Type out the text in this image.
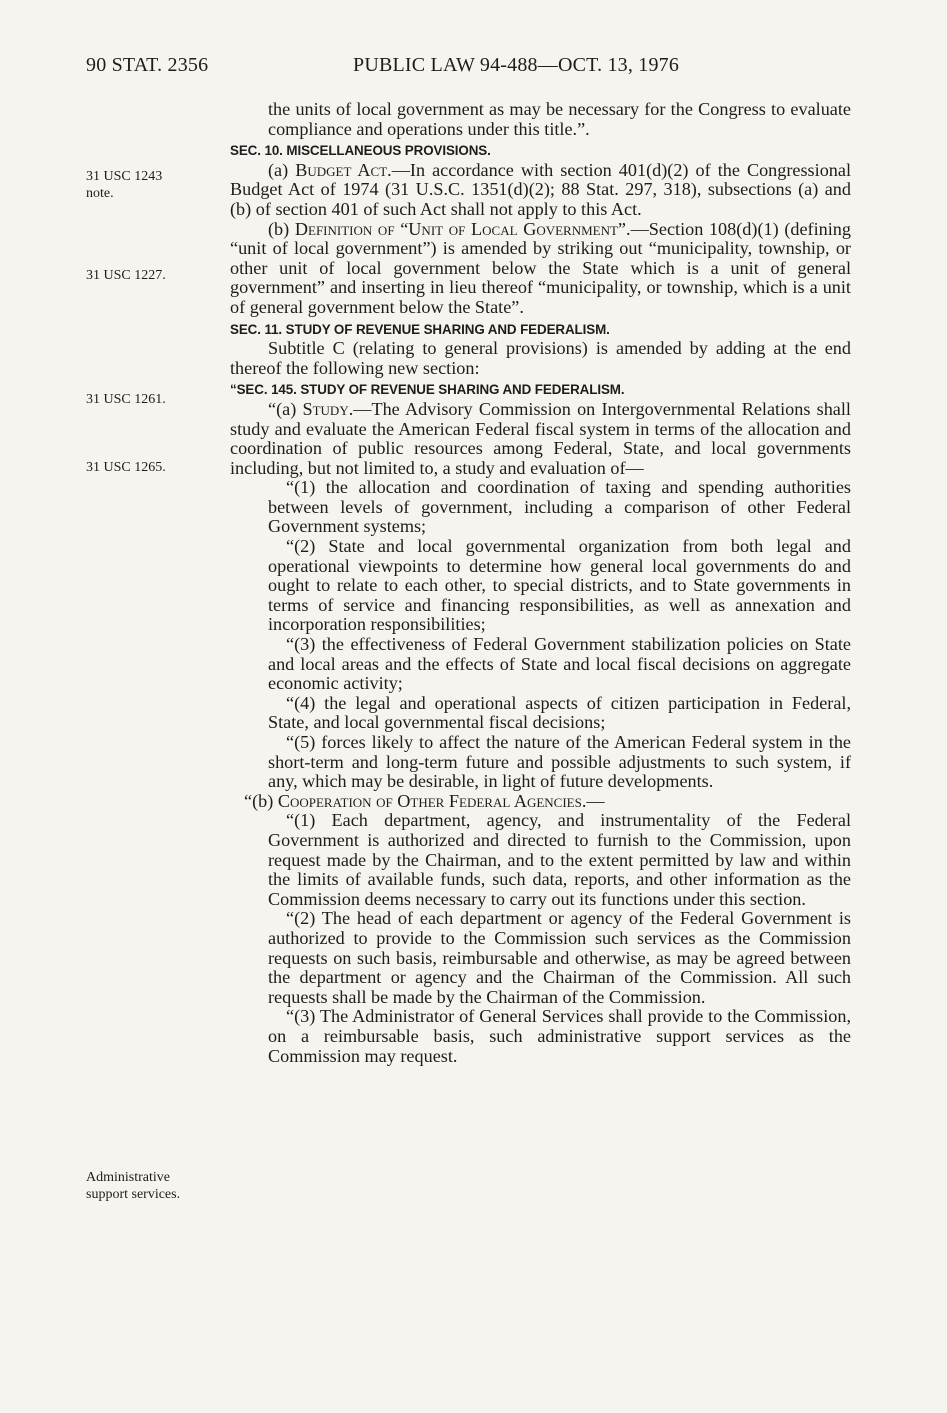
90 STAT. 2356	PUBLIC LAW 94-488—OCT. 13, 1976
31 USC 1243
note.
31 USC 1227.
31 USC 1261.
31 USC 1265.
Administrative
support services.

the units of local government as may be necessary for the Congress to evaluate compliance and operations under this title.”.

SEC. 10. MISCELLANEOUS PROVISIONS.

(a) Budget Act.—In accordance with section 401(d)(2) of the Congressional Budget Act of 1974 (31 U.S.C. 1351(d)(2); 88 Stat. 297, 318), subsections (a) and (b) of section 401 of such Act shall not apply to this Act.

(b) Definition of “Unit of Local Government”.—Section 108(d)(1) (defining “unit of local government”) is amended by striking out “municipality, township, or other unit of local government below the State which is a unit of general government” and inserting in lieu thereof “municipality, or township, which is a unit of general government below the State”.

SEC. 11. STUDY OF REVENUE SHARING AND FEDERALISM.

Subtitle C (relating to general provisions) is amended by adding at the end thereof the following new section:

“SEC. 145. STUDY OF REVENUE SHARING AND FEDERALISM.

“(a) Study.—The Advisory Commission on Intergovernmental Relations shall study and evaluate the American Federal fiscal system in terms of the allocation and coordination of public resources among Federal, State, and local governments including, but not limited to, a study and evaluation of—

“(1) the allocation and coordination of taxing and spending authorities between levels of government, including a comparison of other Federal Government systems;

“(2) State and local governmental organization from both legal and operational viewpoints to determine how general local governments do and ought to relate to each other, to special districts, and to State governments in terms of service and financing responsibilities, as well as annexation and incorporation responsibilities;

“(3) the effectiveness of Federal Government stabilization policies on State and local areas and the effects of State and local fiscal decisions on aggregate economic activity;

“(4) the legal and operational aspects of citizen participation in Federal, State, and local governmental fiscal decisions;

“(5) forces likely to affect the nature of the American Federal system in the short-term and long-term future and possible adjustments to such system, if any, which may be desirable, in light of future developments.

“(b) Cooperation of Other Federal Agencies.—

“(1) Each department, agency, and instrumentality of the Federal Government is authorized and directed to furnish to the Commission, upon request made by the Chairman, and to the extent permitted by law and within the limits of available funds, such data, reports, and other information as the Commission deems necessary to carry out its functions under this section.

“(2) The head of each department or agency of the Federal Government is authorized to provide to the Commission such services as the Commission requests on such basis, reimbursable and otherwise, as may be agreed between the department or agency and the Chairman of the Commission. All such requests shall be made by the Chairman of the Commission.

“(3) The Administrator of General Services shall provide to the Commission, on a reimbursable basis, such administrative support services as the Commission may request.
